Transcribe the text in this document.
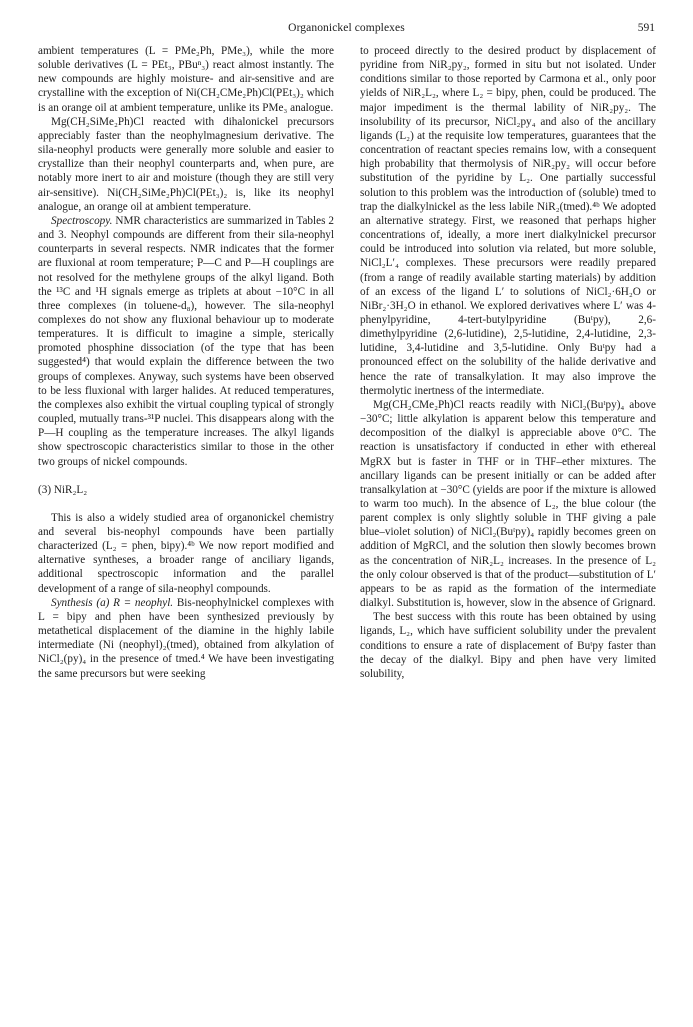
Organonickel complexes	591

ambient temperatures (L = PMe₂Ph, PMe₃), while the more soluble derivatives (L = PEt₃, PBuⁿ₃) react almost instantly. The new compounds are highly moisture- and air-sensitive and are crystalline with the exception of Ni(CH₂CMe₂Ph)Cl(PEt₃)₂ which is an orange oil at ambient temperature, unlike its PMe₃ analogue.

Mg(CH₂SiMe₂Ph)Cl reacted with dihalonickel precursors appreciably faster than the neophylmagnesium derivative. The sila-neophyl products were generally more soluble and easier to crystallize than their neophyl counterparts and, when pure, are notably more inert to air and moisture (though they are still very air-sensitive). Ni(CH₂SiMe₂Ph)Cl(PEt₃)₂ is, like its neophyl analogue, an orange oil at ambient temperature.

Spectroscopy. NMR characteristics are summarized in Tables 2 and 3. Neophyl compounds are different from their sila-neophyl counterparts in several respects. NMR indicates that the former are fluxional at room temperature; P—C and P—H couplings are not resolved for the methylene groups of the alkyl ligand. Both the ¹³C and ¹H signals emerge as triplets at about −10°C in all three complexes (in toluene-d₈), however. The sila-neophyl complexes do not show any fluxional behaviour up to moderate temperatures. It is difficult to imagine a simple, sterically promoted phosphine dissociation (of the type that has been suggested⁴) that would explain the difference between the two groups of complexes. Anyway, such systems have been observed to be less fluxional with larger halides. At reduced temperatures, the complexes also exhibit the virtual coupling typical of strongly coupled, mutually trans-³¹P nuclei. This disappears along with the P—H coupling as the temperature increases. The alkyl ligands show spectroscopic characteristics similar to those in the other two groups of nickel compounds.

(3) NiR₂L₂

This is also a widely studied area of organonickel chemistry and several bis-neophyl compounds have been partially characterized (L₂ = phen, bipy).⁴ᵇ We now report modified and alternative syntheses, a broader range of anciliary ligands, additional spectroscopic information and the parallel development of a range of sila-neophyl compounds.

Synthesis (a) R = neophyl. Bis-neophylnickel complexes with L = bipy and phen have been synthesized previously by metathetical displacement of the diamine in the highly labile intermediate (Ni (neophyl)₂(tmed), obtained from alkylation of NiCl₂(py)₄ in the presence of tmed.⁴ We have been investigating the same precursors but were seeking

to proceed directly to the desired product by displacement of pyridine from NiR₂py₂, formed in situ but not isolated. Under conditions similar to those reported by Carmona et al., only poor yields of NiR₂L₂, where L₂ = bipy, phen, could be produced. The major impediment is the thermal lability of NiR₂py₂. The insolubility of its precursor, NiCl₂py₄ and also of the ancillary ligands (L₂) at the requisite low temperatures, guarantees that the concentration of reactant species remains low, with a consequent high probability that thermolysis of NiR₂py₂ will occur before substitution of the pyridine by L₂. One partially successful solution to this problem was the introduction of (soluble) tmed to trap the dialkylnickel as the less labile NiR₂(tmed).⁴ᵇ We adopted an alternative strategy. First, we reasoned that perhaps higher concentrations of, ideally, a more inert dialkylnickel precursor could be introduced into solution via related, but more soluble, NiCl₂L′₄ complexes. These precursors were readily prepared (from a range of readily available starting materials) by addition of an excess of the ligand L′ to solutions of NiCl₂·6H₂O or NiBr₂·3H₂O in ethanol. We explored derivatives where L′ was 4-phenylpyridine, 4-tert-butylpyridine (Buᵗpy), 2,6-dimethylpyridine (2,6-lutidine), 2,5-lutidine, 2,4-lutidine, 2,3-lutidine, 3,4-lutidine and 3,5-lutidine. Only Buᵗpy had a pronounced effect on the solubility of the halide derivative and hence the rate of transalkylation. It may also improve the thermolytic inertness of the intermediate.

Mg(CH₂CMe₂Ph)Cl reacts readily with NiCl₂(Buᵗpy)₄ above −30°C; little alkylation is apparent below this temperature and decomposition of the dialkyl is appreciable above 0°C. The reaction is unsatisfactory if conducted in ether with ethereal MgRX but is faster in THF or in THF–ether mixtures. The ancillary ligands can be present initially or can be added after transalkylation at −30°C (yields are poor if the mixture is allowed to warm too much). In the absence of L₂, the blue colour (the parent complex is only slightly soluble in THF giving a pale blue–violet solution) of NiCl₂(Buᵗpy)₄ rapidly becomes green on addition of MgRCl, and the solution then slowly becomes brown as the concentration of NiR₂L₂ increases. In the presence of L₂ the only colour observed is that of the product—substitution of L′ appears to be as rapid as the formation of the intermediate dialkyl. Substitution is, however, slow in the absence of Grignard.

The best success with this route has been obtained by using ligands, L₂, which have sufficient solubility under the prevalent conditions to ensure a rate of displacement of Buᵗpy faster than the decay of the dialkyl. Bipy and phen have very limited solubility,
